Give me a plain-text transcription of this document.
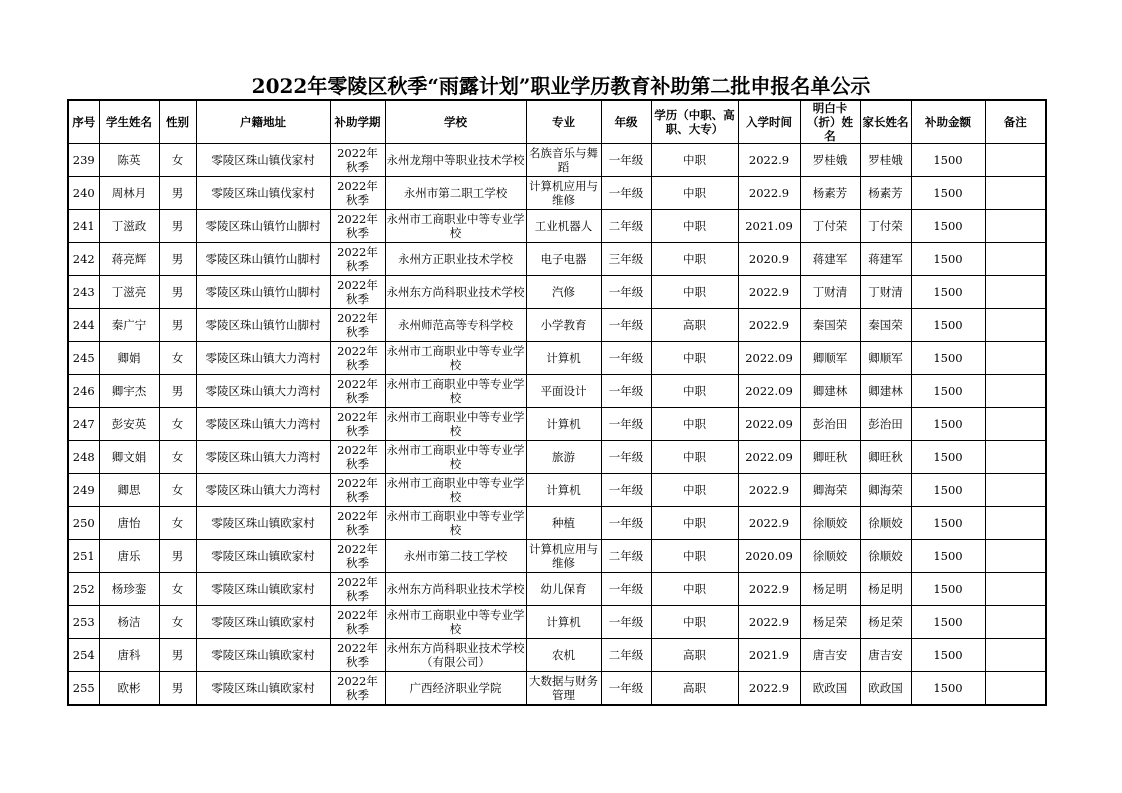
2022年零陵区秋季“雨露计划”职业学历教育补助第二批申报名单公示
序号	学生姓名	性别	户籍地址	补助学期	学校	专业	年级	学历（中职、高职、大专）	入学时间	明白卡（折）姓名	家长姓名	补助金额	备注
239	陈英	女	零陵区珠山镇伐家村	2022年秋季	永州龙翔中等职业技术学校	名族音乐与舞蹈	一年级	中职	2022.9	罗桂娥	罗桂娥	1500	
240	周林月	男	零陵区珠山镇伐家村	2022年秋季	永州市第二职工学校	计算机应用与维修	一年级	中职	2022.9	杨素芳	杨素芳	1500	
241	丁滋政	男	零陵区珠山镇竹山脚村	2022年秋季	永州市工商职业中等专业学校	工业机器人	二年级	中职	2021.09	丁付荣	丁付荣	1500	
242	蒋亮辉	男	零陵区珠山镇竹山脚村	2022年秋季	永州方正职业技术学校	电子电器	三年级	中职	2020.9	蒋建军	蒋建军	1500	
243	丁滋亮	男	零陵区珠山镇竹山脚村	2022年秋季	永州东方尚科职业技术学校	汽修	一年级	中职	2022.9	丁财清	丁财清	1500	
244	秦广宁	男	零陵区珠山镇竹山脚村	2022年秋季	永州师范高等专科学校	小学教育	一年级	高职	2022.9	秦国荣	秦国荣	1500	
245	卿娟	女	零陵区珠山镇大力湾村	2022年秋季	永州市工商职业中等专业学校	计算机	一年级	中职	2022.09	卿顺军	卿顺军	1500	
246	卿宇杰	男	零陵区珠山镇大力湾村	2022年秋季	永州市工商职业中等专业学校	平面设计	一年级	中职	2022.09	卿建林	卿建林	1500	
247	彭安英	女	零陵区珠山镇大力湾村	2022年秋季	永州市工商职业中等专业学校	计算机	一年级	中职	2022.09	彭治田	彭治田	1500	
248	卿文娟	女	零陵区珠山镇大力湾村	2022年秋季	永州市工商职业中等专业学校	旅游	一年级	中职	2022.09	卿旺秋	卿旺秋	1500	
249	卿思	女	零陵区珠山镇大力湾村	2022年秋季	永州市工商职业中等专业学校	计算机	一年级	中职	2022.9	卿海荣	卿海荣	1500	
250	唐怡	女	零陵区珠山镇欧家村	2022年秋季	永州市工商职业中等专业学校	种植	一年级	中职	2022.9	徐顺姣	徐顺姣	1500	
251	唐乐	男	零陵区珠山镇欧家村	2022年秋季	永州市第二技工学校	计算机应用与维修	二年级	中职	2020.09	徐顺姣	徐顺姣	1500	
252	杨珍銮	女	零陵区珠山镇欧家村	2022年秋季	永州东方尚科职业技术学校	幼儿保育	一年级	中职	2022.9	杨足明	杨足明	1500	
253	杨洁	女	零陵区珠山镇欧家村	2022年秋季	永州市工商职业中等专业学校	计算机	一年级	中职	2022.9	杨足荣	杨足荣	1500	
254	唐科	男	零陵区珠山镇欧家村	2022年秋季	永州东方尚科职业技术学校（有限公司）	农机	二年级	高职	2021.9	唐吉安	唐吉安	1500	
255	欧彬	男	零陵区珠山镇欧家村	2022年秋季	广西经济职业学院	大数据与财务管理	一年级	高职	2022.9	欧政国	欧政国	1500	
